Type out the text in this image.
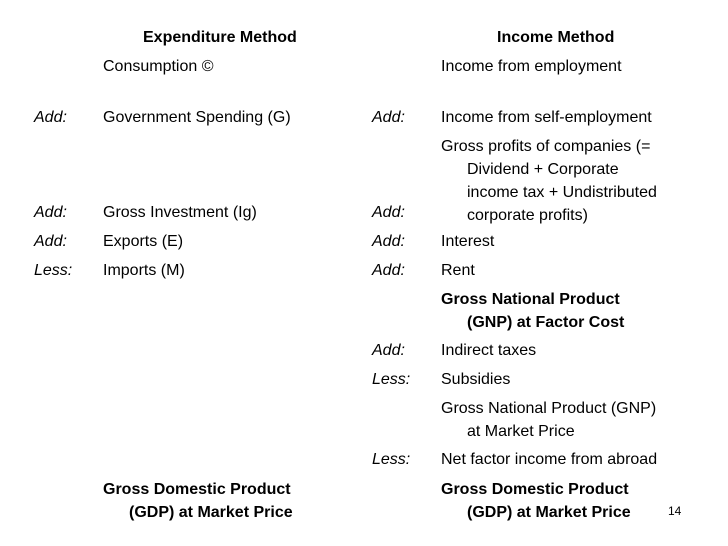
Expenditure Method	Income Method
Consumption ©
Add: Government Spending (G)
Add: Gross Investment (Ig)
Add: Exports (E)
Less: Imports (M)
Gross Domestic Product
(GDP) at Market Price
Income from employment
Add: Income from self-employment
Gross profits of companies (=
Dividend + Corporate
income tax + Undistributed
corporate profits)
Add:
Add: Interest
Add: Rent
Gross National Product
(GNP) at Factor Cost
Add: Indirect taxes
Less: Subsidies
Gross National Product (GNP)
at Market Price
Less: Net factor income from abroad
Gross Domestic Product
(GDP) at Market Price	14
